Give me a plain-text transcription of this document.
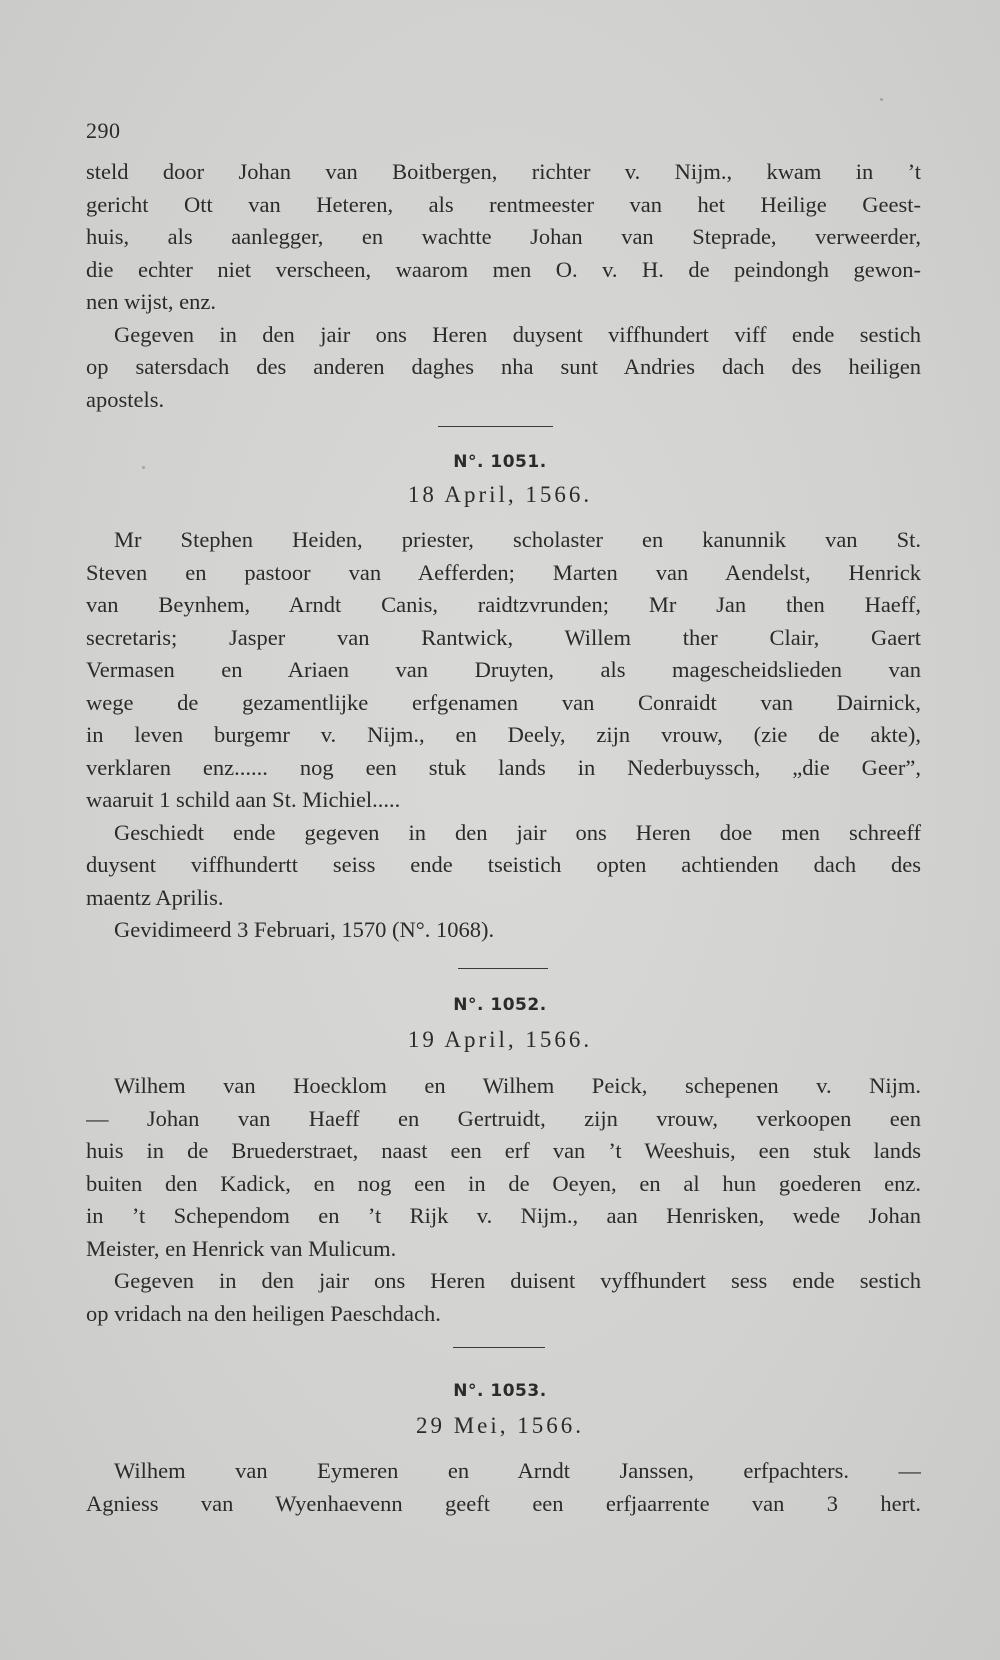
290
steld door Johan van Boitbergen, richter v. Nijm., kwam in ’t
gericht Ott van Heteren, als rentmeester van het Heilige Geest-
huis, als aanlegger, en wachtte Johan van Steprade, verweerder,
die echter niet verscheen, waarom men O. v. H. de peindongh gewon-
nen wijst, enz.
Gegeven in den jair ons Heren duysent viffhundert viff ende sestich
op satersdach des anderen daghes nha sunt Andries dach des heiligen
apostels.
N°. 1051.
18 April, 1566.
Mr Stephen Heiden, priester, scholaster en kanunnik van St.
Steven en pastoor van Aefferden; Marten van Aendelst, Henrick
van Beynhem, Arndt Canis, raidtzvrunden; Mr Jan then Haeff,
secretaris; Jasper van Rantwick, Willem ther Clair, Gaert
Vermasen en Ariaen van Druyten, als magescheidslieden van
wege de gezamentlijke erfgenamen van Conraidt van Dairnick,
in leven burgemr v. Nijm., en Deely, zijn vrouw, (zie de akte),
verklaren enz...... nog een stuk lands in Nederbuyssch, „die Geer”,
waaruit 1 schild aan St. Michiel.....
Geschiedt ende gegeven in den jair ons Heren doe men schreeff
duysent viffhundertt seiss ende tseistich opten achtienden dach des
maentz Aprilis.
Gevidimeerd 3 Februari, 1570 (N°. 1068).
N°. 1052.
19 April, 1566.
Wilhem van Hoecklom en Wilhem Peick, schepenen v. Nijm.
— Johan van Haeff en Gertruidt, zijn vrouw, verkoopen een
huis in de Bruederstraet, naast een erf van ’t Weeshuis, een stuk lands
buiten den Kadick, en nog een in de Oeyen, en al hun goederen enz.
in ’t Schependom en ’t Rijk v. Nijm., aan Henrisken, wede Johan
Meister, en Henrick van Mulicum.
Gegeven in den jair ons Heren duisent vyffhundert sess ende sestich
op vridach na den heiligen Paeschdach.
N°. 1053.
29 Mei, 1566.
Wilhem van Eymeren en Arndt Janssen, erfpachters. —
Agniess van Wyenhaevenn geeft een erfjaarrente van 3 hert.
